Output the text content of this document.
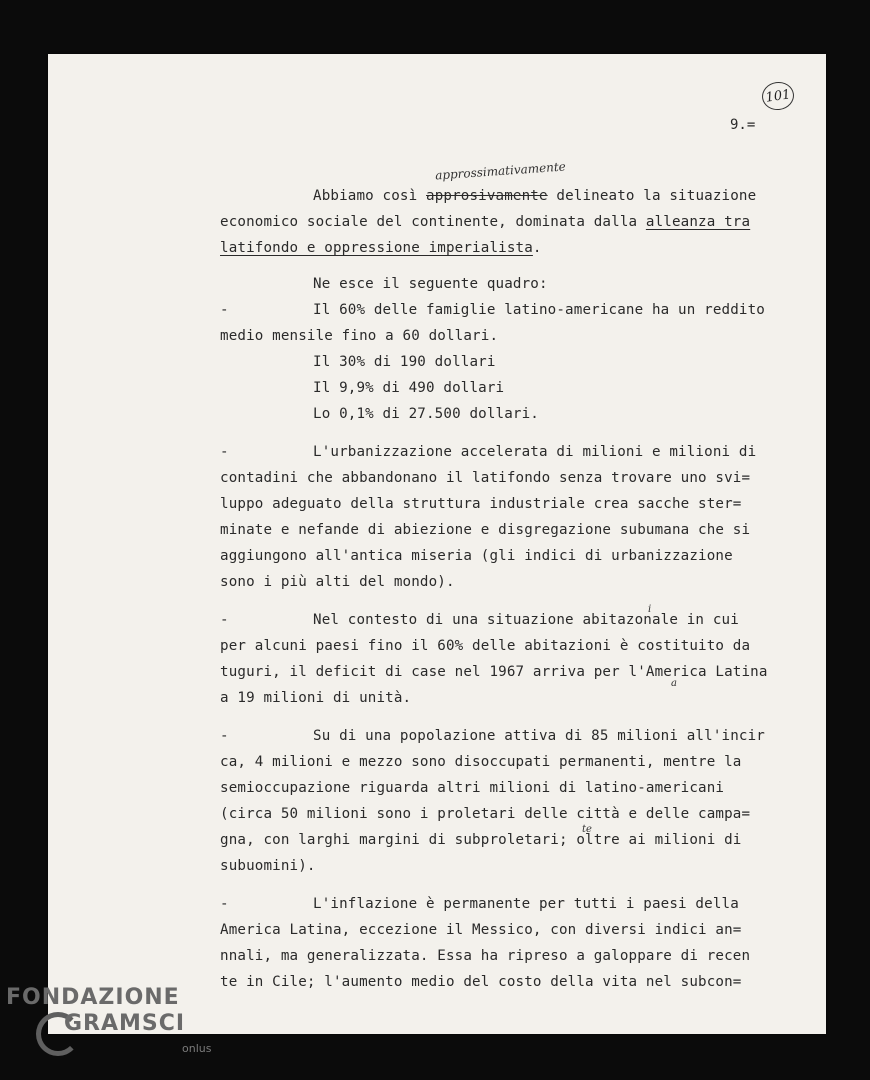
101
9.=
approssimativamente
Abbiamo così approsivamente delineato la situazione
economico sociale del continente, dominata dalla alleanza tra
latifondo e oppressione imperialista.
Ne esce il seguente quadro:
-	Il 60% delle famiglie latino-americane ha un reddito
medio mensile fino a 60 dollari.
Il 30% di 190 dollari
Il 9,9% di 490 dollari
Lo 0,1% di 27.500 dollari.
-	L'urbanizzazione accelerata di milioni e milioni di
contadini che abbandonano il latifondo senza trovare uno svi=
luppo adeguato della struttura industriale crea sacche ster=
minate e nefande di abiezione e disgregazione subumana che si
aggiungono all'antica miseria (gli indici di urbanizzazione
sono i più alti del mondo).
-	Nel contesto di una situazione abitazonale in cui
i
per alcuni paesi fino il 60% delle abitazioni è costituito da
tuguri, il deficit di case nel 1967 arriva per l'America Latina
a
a 19 milioni di unità.
-	Su di una popolazione attiva di 85 milioni all'incir
ca, 4 milioni e mezzo sono disoccupati permanenti, mentre la
semioccupazione riguarda altri milioni di latino-americani
(circa 50 milioni sono i proletari delle città e delle campa=
gna, con larghi margini di subproletari; oltre ai milioni di
te
subuomini).
-	L'inflazione è permanente per tutti i paesi della
America Latina, eccezione il Messico, con diversi indici an=
nnali, ma generalizzata. Essa ha ripreso a galoppare di recen
te in Cile; l'aumento medio del costo della vita nel subcon=
FONDAZIONE
GRAMSCI
onlus
